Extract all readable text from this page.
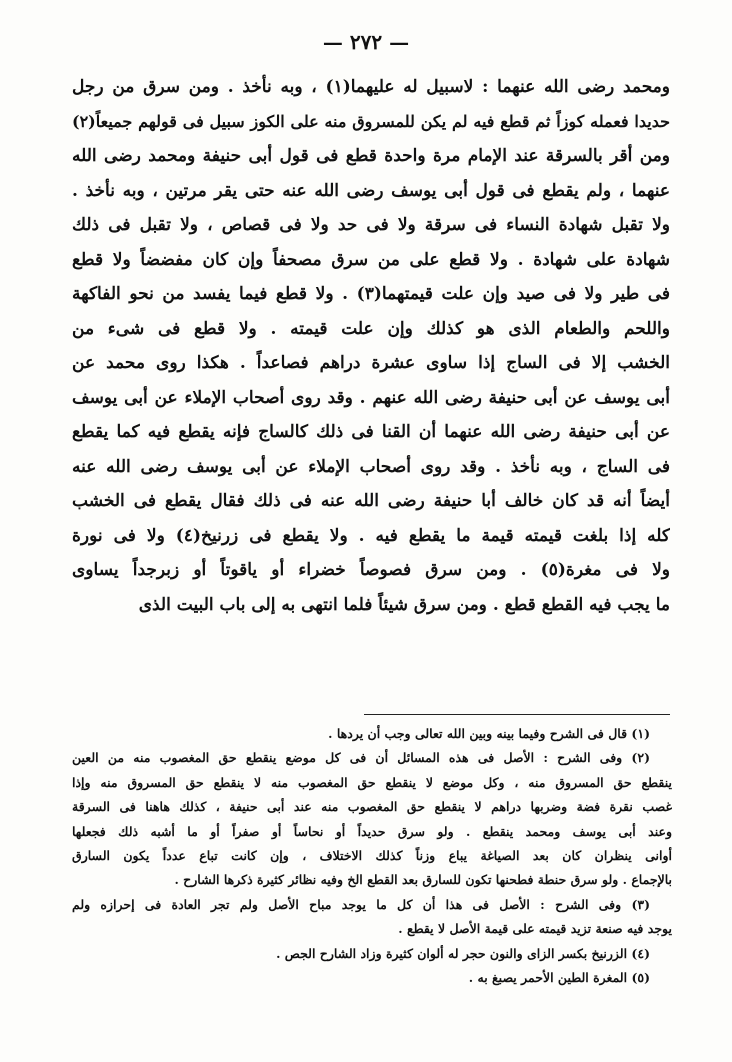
— ٢٧٢ —
ومحمد رضى الله عنهما : لاسبيل له عليهما(١) ، وبه نأخذ . ومن سرق من رجل
حديدا فعمله كوزاً ثم قطع فيه لم يكن للمسروق منه على الكوز سبيل فى قولهم جميعاً(٢)
ومن أقر بالسرقة عند الإمام مرة واحدة قطع فى قول أبى حنيفة ومحمد رضى الله
عنهما ، ولم يقطع فى قول أبى يوسف رضى الله عنه حتى يقر مرتين ، وبه نأخذ .
ولا تقبل شهادة النساء فى سرقة ولا فى حد ولا فى قصاص ، ولا تقبل فى ذلك
شهادة على شهادة . ولا قطع على من سرق مصحفاً وإن كان مفضضاً ولا قطع
فى طير ولا فى صيد وإن علت قيمتهما(٣) . ولا قطع فيما يفسد من نحو الفاكهة
واللحم والطعام الذى هو كذلك وإن علت قيمته . ولا قطع فى شىء من
الخشب إلا فى الساج إذا ساوى عشرة دراهم فصاعداً . هكذا روى محمد عن
أبى يوسف عن أبى حنيفة رضى الله عنهم . وقد روى أصحاب الإملاء عن أبى يوسف
عن أبى حنيفة رضى الله عنهما أن القنا فى ذلك كالساج فإنه يقطع فيه كما يقطع
فى الساج ، وبه نأخذ . وقد روى أصحاب الإملاء عن أبى يوسف رضى الله عنه
أيضاً أنه قد كان خالف أبا حنيفة رضى الله عنه فى ذلك فقال يقطع فى الخشب
كله إذا بلغت قيمته قيمة ما يقطع فيه . ولا يقطع فى زرنيخ(٤) ولا فى نورة
ولا فى مغرة(٥) . ومن سرق فصوصاً خضراء أو ياقوتاً أو زبرجداً يساوى
ما يجب فيه القطع قطع . ومن سرق شيئاً فلما انتهى به إلى باب البيت الذى
(١) قال فى الشرح وفيما بينه وبين الله تعالى وجب أن يردها .
(٢) وفى الشرح : الأصل فى هذه المسائل أن فى كل موضع ينقطع حق المغصوب منه من العين
ينقطع حق المسروق منه ، وكل موضع لا ينقطع حق المغصوب منه لا ينقطع حق المسروق منه وإذا
غصب نقرة فضة وضربها دراهم لا ينقطع حق المغصوب منه عند أبى حنيفة ، كذلك هاهنا فى السرقة
وعند أبى يوسف ومحمد ينقطع . ولو سرق حديداً أو نحاساً أو صفراً أو ما أشبه ذلك فجعلها
أوانى ينظران كان بعد الصياغة يباع وزناً كذلك الاختلاف ، وإن كانت تباع عدداً يكون السارق
بالإجماع . ولو سرق حنطة فطحنها تكون للسارق بعد القطع الخ وفيه نظائر كثيرة ذكرها الشارح .
(٣) وفى الشرح : الأصل فى هذا أن كل ما يوجد مباح الأصل ولم تجر العادة فى إحرازه ولم
يوجد فيه صنعة تزيد قيمته على قيمة الأصل لا يقطع .
(٤) الزرنيخ بكسر الزاى والنون حجر له ألوان كثيرة وزاد الشارح الجص .
(٥) المغرة الطين الأحمر يصبغ به .
